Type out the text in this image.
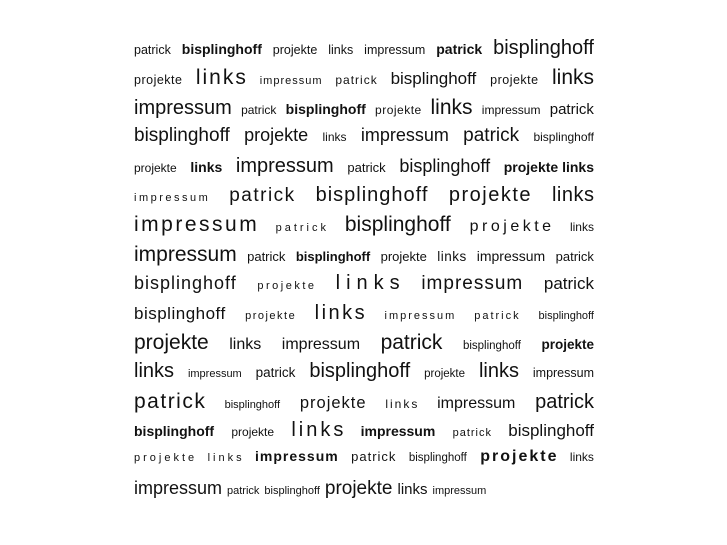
patrick bisplinghoff projekte links impressum patrick bisplinghoff
projekte links impressum patrick bisplinghoff projekte links
impressum patrick bisplinghoff projekte links impressum patrick
bisplinghoff projekte links impressum patrick bisplinghoff
projekte links impressum patrick bisplinghoff projekte links
impressum patrick bisplinghoff projekte links
impressum patrick bisplinghoff projekte links
impressum patrick bisplinghoff projekte links impressum patrick
bisplinghoff projekte links impressum patrick
bisplinghoff projekte links impressum patrick bisplinghoff
projekte links impressum patrick bisplinghoff projekte
links impressum patrick bisplinghoff projekte links impressum
patrick bisplinghoff projekte links impressum patrick
bisplinghoff projekte links impressum patrick bisplinghoff
projekte links impressum patrick bisplinghoff projekte links
impressum patrick bisplinghoff projekte links impressum
